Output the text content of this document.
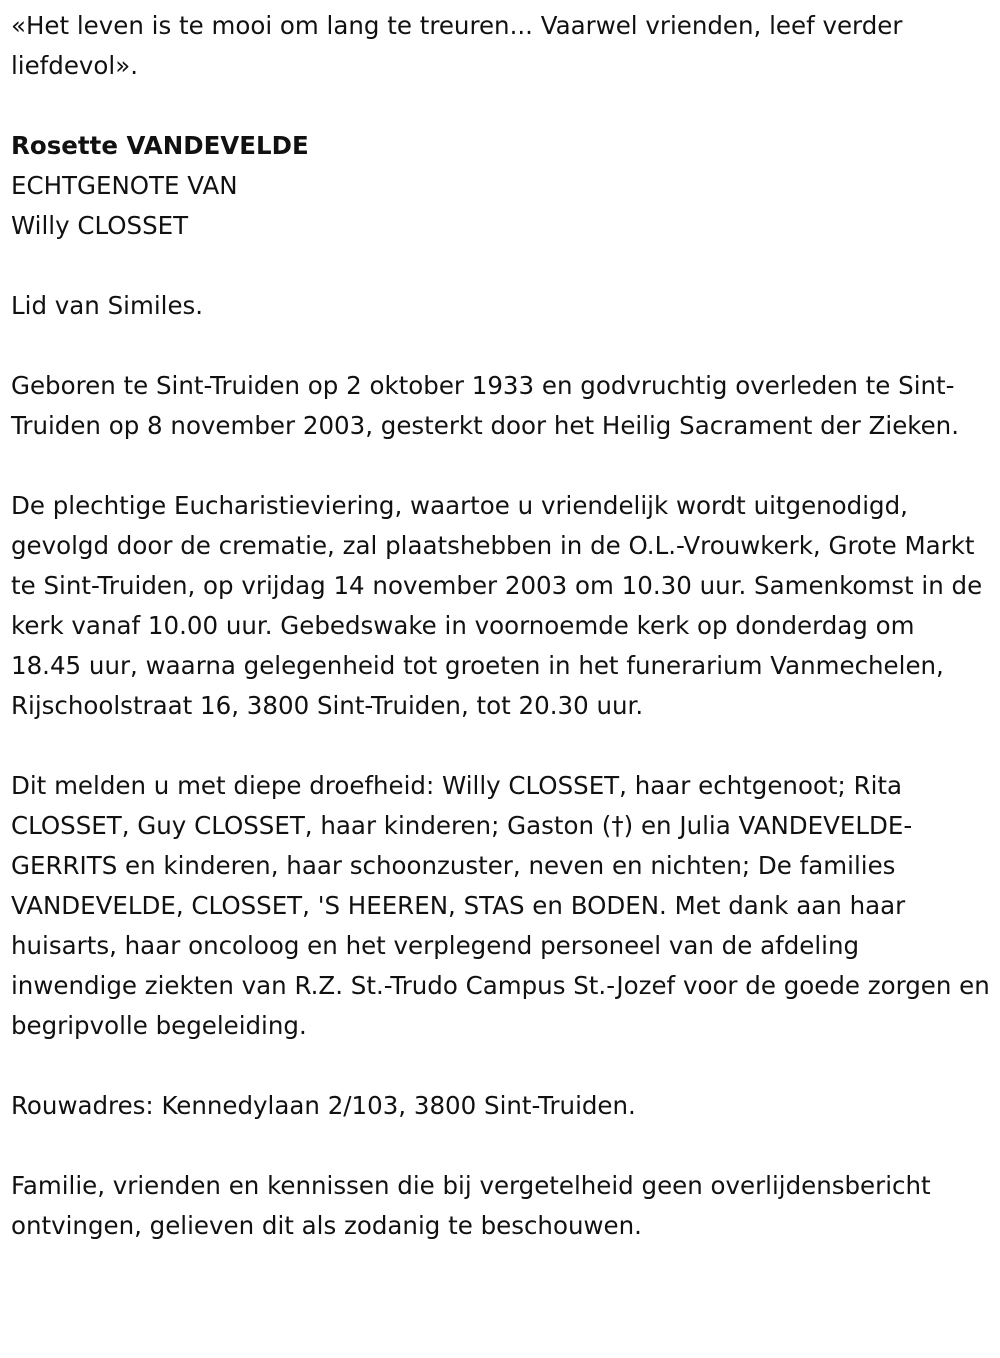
«Het leven is te mooi om lang te treuren... Vaarwel vrienden, leef verder liefdevol».

Rosette VANDEVELDE

ECHTGENOTE VAN

Willy CLOSSET

Lid van Similes.

Geboren te Sint-Truiden op 2 oktober 1933 en godvruchtig overleden te Sint-Truiden op 8 november 2003, gesterkt door het Heilig Sacrament der Zieken.

De plechtige Eucharistieviering, waartoe u vriendelijk wordt uitgenodigd, gevolgd door de crematie, zal plaatshebben in de O.L.-Vrouwkerk, Grote Markt te Sint-Truiden, op vrijdag 14 november 2003 om 10.30 uur. Samenkomst in de kerk vanaf 10.00 uur. Gebedswake in voornoemde kerk op donderdag om 18.45 uur, waarna gelegenheid tot groeten in het funerarium Vanmechelen, Rijschoolstraat 16, 3800 Sint-Truiden, tot 20.30 uur.

Dit melden u met diepe droefheid: Willy CLOSSET, haar echtgenoot; Rita CLOSSET, Guy CLOSSET, haar kinderen; Gaston (†) en Julia VANDEVELDE-GERRITS en kinderen, haar schoonzuster, neven en nichten; De families VANDEVELDE, CLOSSET, 'S HEEREN, STAS en BODEN. Met dank aan haar huisarts, haar oncoloog en het verplegend personeel van de afdeling inwendige ziekten van R.Z. St.-Trudo Campus St.-Jozef voor de goede zorgen en begripvolle begeleiding.

Rouwadres: Kennedylaan 2/103, 3800 Sint-Truiden.

Familie, vrienden en kennissen die bij vergetelheid geen overlijdensbericht ontvingen, gelieven dit als zodanig te beschouwen.
